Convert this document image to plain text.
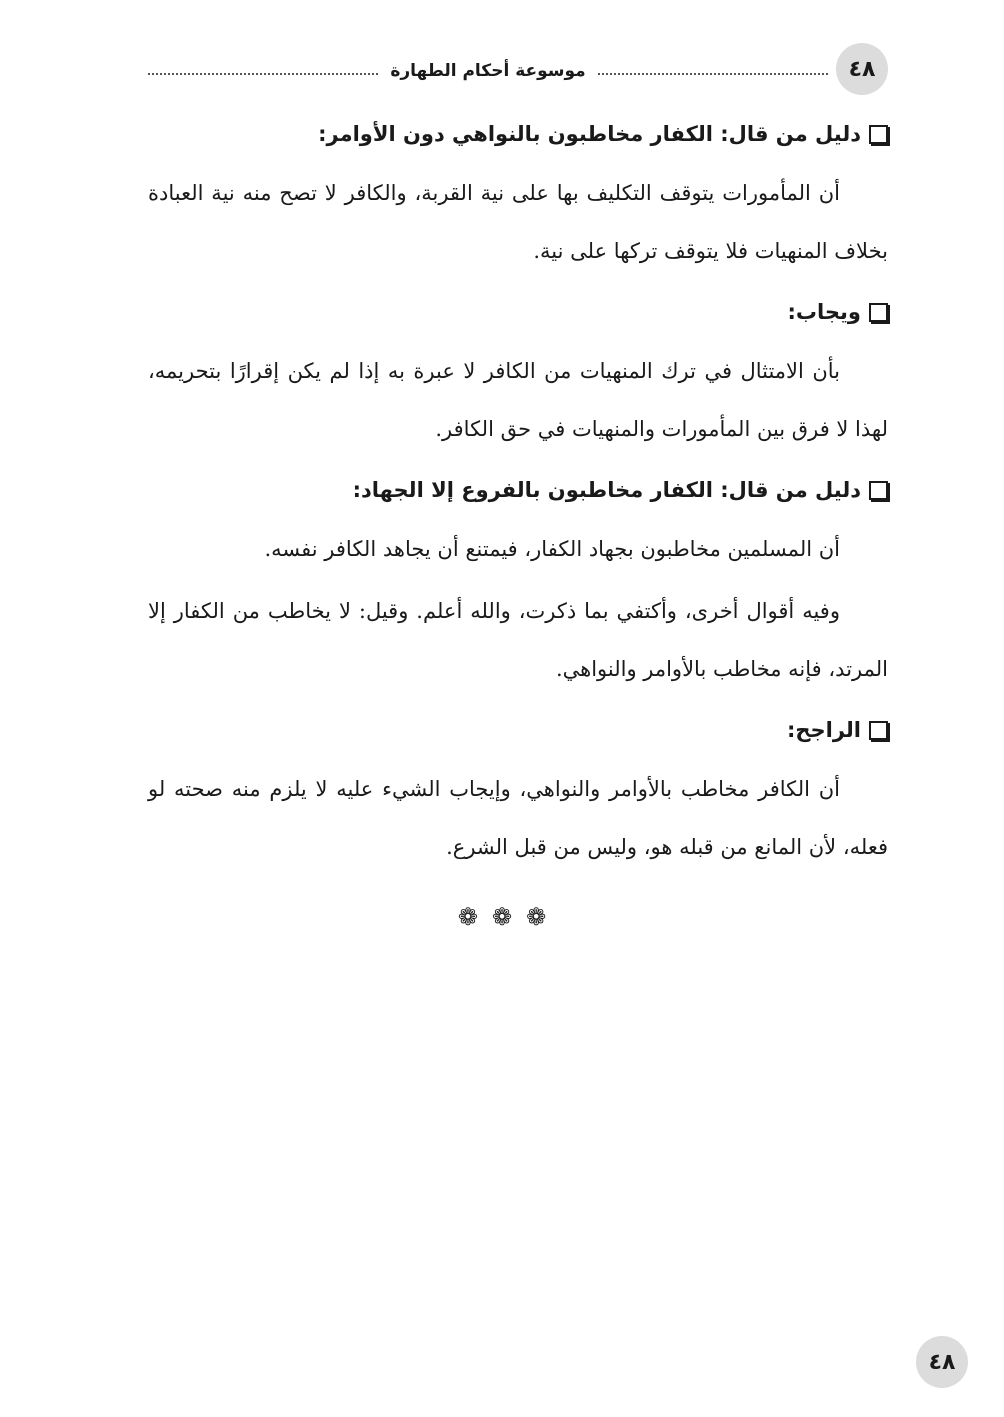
٤٨
موسوعة أحكام الطهارة
دليل من قال: الكفار مخاطبون بالنواهي دون الأوامر:

أن المأمورات يتوقف التكليف بها على نية القربة، والكافر لا تصح منه نية العبادة بخلاف المنهيات فلا يتوقف تركها على نية.

ويجاب:

بأن الامتثال في ترك المنهيات من الكافر لا عبرة به إذا لم يكن إقرارًا بتحريمه، لهذا لا فرق بين المأمورات والمنهيات في حق الكافر.

دليل من قال: الكفار مخاطبون بالفروع إلا الجهاد:

أن المسلمين مخاطبون بجهاد الكفار، فيمتنع أن يجاهد الكافر نفسه.

وفيه أقوال أخرى، وأكتفي بما ذكرت، والله أعلم. وقيل: لا يخاطب من الكفار إلا المرتد، فإنه مخاطب بالأوامر والنواهي.

الراجح:

أن الكافر مخاطب بالأوامر والنواهي، وإيجاب الشيء عليه لا يلزم منه صحته لو فعله، لأن المانع من قبله هو، وليس من قبل الشرع.

❁
❁
❁
٤٨
